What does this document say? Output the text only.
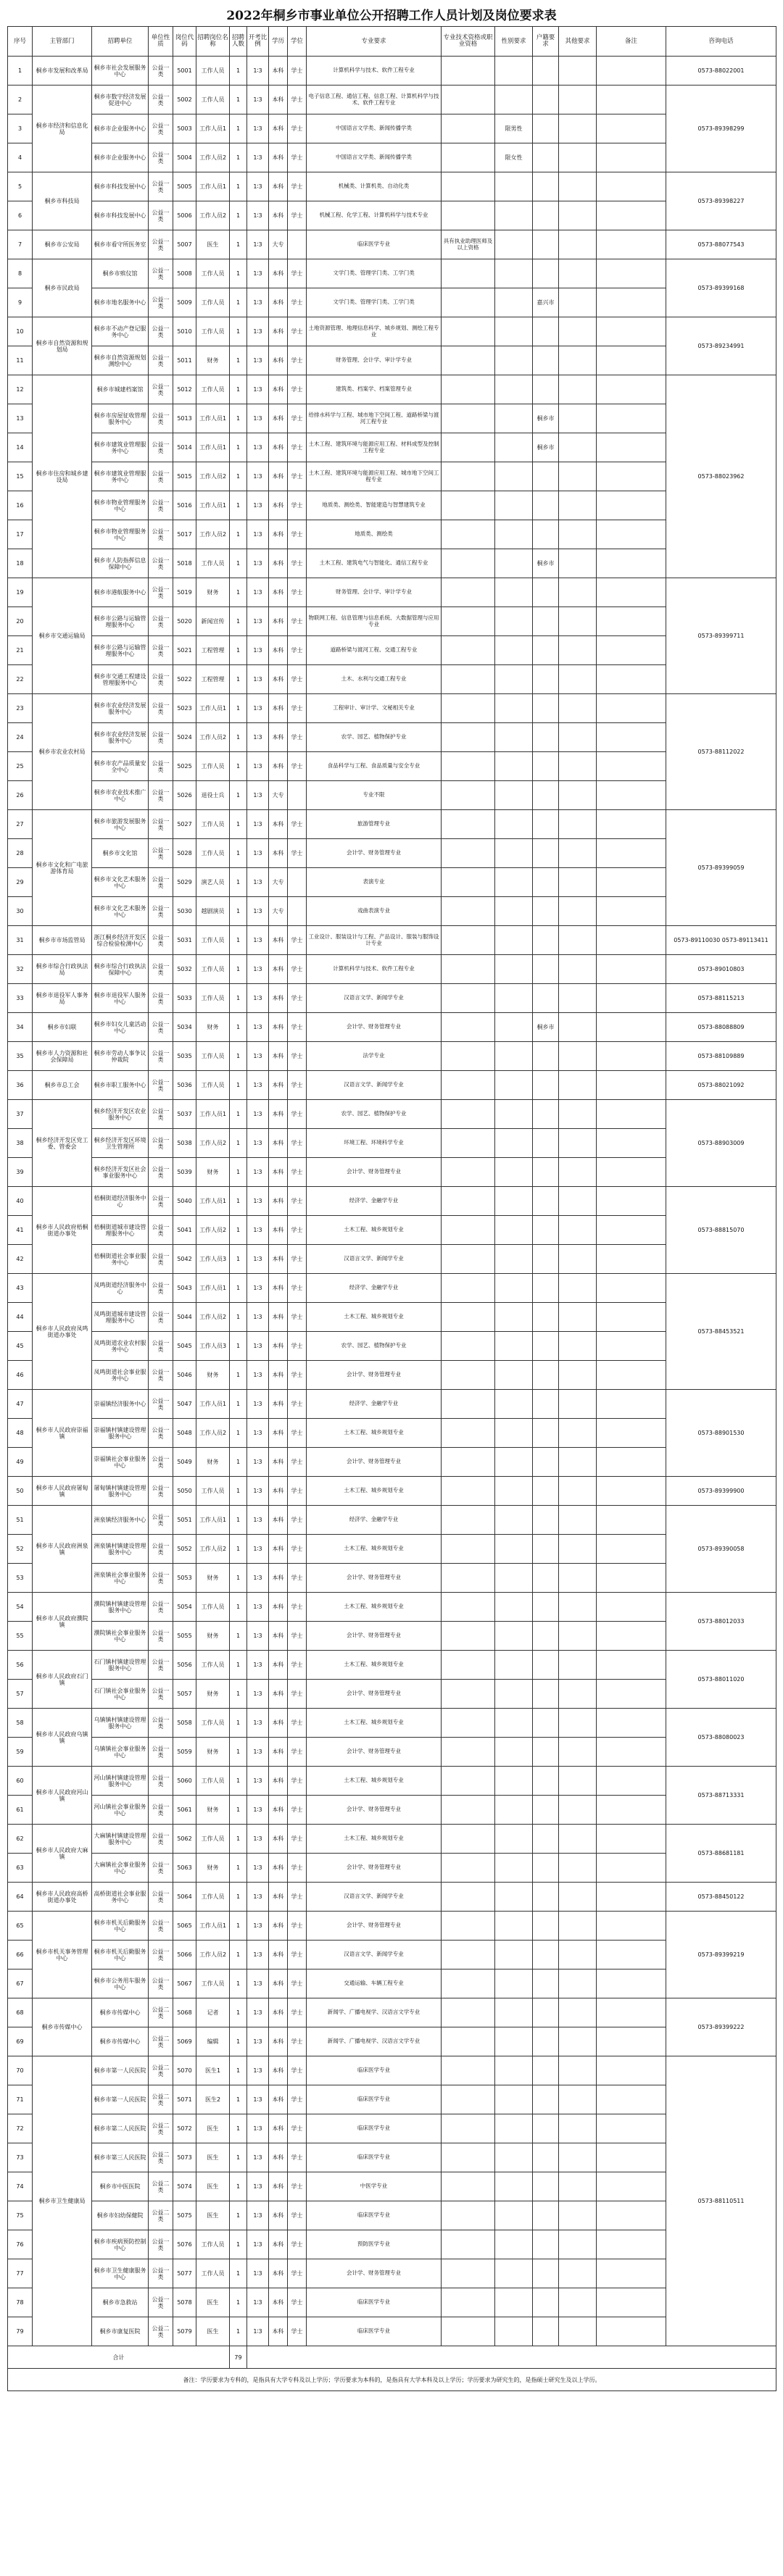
2022年桐乡市事业单位公开招聘工作人员计划及岗位要求表
序号	主管部门	招聘单位	单位性质	岗位代码	招聘岗位名称	招聘人数	开考比例	学历	学位	专业要求	专业技术资格或职业资格	性别要求	户籍要求	其他要求	备注	咨询电话
1	桐乡市发展和改革局	桐乡市社会发展服务中心	公益一类	5001	工作人员	1	1∶3	本科	学士	计算机科学与技术、软件工程专业						0573-88022001
2	桐乡市经济和信息化局	桐乡市数字经济发展促进中心	公益一类	5002	工作人员	1	1∶3	本科	学士	电子信息工程、通信工程、信息工程、计算机科学与技术、软件工程专业						0573-89398299
3		桐乡市企业服务中心	公益一类	5003	工作人员1	1	1∶3	本科	学士	中国语言文学类、新闻传播学类		限男性				
4		桐乡市企业服务中心	公益一类	5004	工作人员2	1	1∶3	本科	学士	中国语言文学类、新闻传播学类		限女性				
5	桐乡市科技局	桐乡市科技发展中心	公益一类	5005	工作人员1	1	1∶3	本科	学士	机械类、计算机类、自动化类						0573-89398227
6		桐乡市科技发展中心	公益一类	5006	工作人员2	1	1∶3	本科	学士	机械工程、化学工程、计算机科学与技术专业						
7	桐乡市公安局	桐乡市看守所医务室	公益一类	5007	医生	1	1∶3	大专		临床医学专业	具有执业助理医师及以上资格					0573-88077543
8	桐乡市民政局	桐乡市殡仪馆	公益一类	5008	工作人员	1	1∶3	本科	学士	文学门类、管理学门类、工学门类						0573-89399168
9		桐乡市地名服务中心	公益一类	5009	工作人员	1	1∶3	本科	学士	文学门类、管理学门类、工学门类			嘉兴市			
10	桐乡市自然资源和规划局	桐乡市不动产登记服务中心	公益一类	5010	工作人员	1	1∶3	本科	学士	土地资源管理、地理信息科学、城乡规划、测绘工程专业						0573-89234991
11		桐乡市自然资源规划测绘中心	公益一类	5011	财务	1	1∶3	本科	学士	财务管理、会计学、审计学专业						
12	桐乡市住房和城乡建设局	桐乡市城建档案馆	公益一类	5012	工作人员	1	1∶3	本科	学士	建筑类、档案学、档案管理专业						0573-88023962
13		桐乡市房屋征收管理服务中心	公益一类	5013	工作人员1	1	1∶3	本科	学士	给排水科学与工程、城市地下空间工程、道路桥梁与渡河工程专业			桐乡市			
14		桐乡市建筑业管理服务中心	公益一类	5014	工作人员1	1	1∶3	本科	学士	土木工程、建筑环境与能源应用工程、材料成型及控制工程专业			桐乡市			
15		桐乡市建筑业管理服务中心	公益一类	5015	工作人员2	1	1∶3	本科	学士	土木工程、建筑环境与能源应用工程、城市地下空间工程专业						
16		桐乡市物业管理服务中心	公益一类	5016	工作人员1	1	1∶3	本科	学士	地质类、测绘类、智能建造与智慧建筑专业						
17		桐乡市物业管理服务中心	公益一类	5017	工作人员2	1	1∶3	本科	学士	地质类、测绘类						
18		桐乡市人防指挥信息保障中心	公益一类	5018	工作人员	1	1∶3	本科	学士	土木工程、建筑电气与智能化、通信工程专业			桐乡市			
19	桐乡市交通运输局	桐乡市港航服务中心	公益一类	5019	财务	1	1∶3	本科	学士	财务管理、会计学、审计学专业						0573-89399711
20		桐乡市公路与运输管理服务中心	公益一类	5020	新闻宣传	1	1∶3	本科	学士	物联网工程、信息管理与信息系统、大数据管理与应用专业						
21		桐乡市公路与运输管理服务中心	公益一类	5021	工程管理	1	1∶3	本科	学士	道路桥梁与渡河工程、交通工程专业						
22		桐乡市交通工程建设管理服务中心	公益一类	5022	工程管理	1	1∶3	本科	学士	土木、水利与交通工程专业						
23	桐乡市农业农村局	桐乡市农业经济发展服务中心	公益一类	5023	工作人员1	1	1∶3	本科	学士	工程审计、审计学、文秘相关专业						0573-88112022
24		桐乡市农业经济发展服务中心	公益一类	5024	工作人员2	1	1∶3	本科	学士	农学、园艺、植物保护专业						
25		桐乡市农产品质量安全中心	公益一类	5025	工作人员	1	1∶3	本科	学士	食品科学与工程、食品质量与安全专业						
26		桐乡市农业技术推广中心	公益一类	5026	退役士兵	1	1∶3	大专		专业不限						
27	桐乡市文化和广电旅游体育局	桐乡市旅游发展服务中心	公益一类	5027	工作人员	1	1∶3	本科	学士	旅游管理专业						0573-89399059
28		桐乡市文化馆	公益一类	5028	工作人员	1	1∶3	本科	学士	会计学、财务管理专业						
29		桐乡市文化艺术服务中心	公益一类	5029	演艺人员	1	1∶3	大专		表演专业						
30		桐乡市文化艺术服务中心	公益一类	5030	越剧演员	1	1∶3	大专		戏曲表演专业						
31	桐乡市市场监管局	浙江桐乡经济开发区综合检验检测中心	公益一类	5031	工作人员	1	1∶3	本科	学士	工业设计、服装设计与工程、产品设计、服装与服饰设计专业						0573-89110030 0573-89113411
32	桐乡市综合行政执法局	桐乡市综合行政执法保障中心	公益一类	5032	工作人员	1	1∶3	本科	学士	计算机科学与技术、软件工程专业						0573-89010803
33	桐乡市退役军人事务局	桐乡市退役军人服务中心	公益一类	5033	工作人员	1	1∶3	本科	学士	汉语言文学、新闻学专业						0573-88115213
34	桐乡市妇联	桐乡市妇女儿童活动中心	公益一类	5034	财务	1	1∶3	本科	学士	会计学、财务管理专业			桐乡市			0573-88088809
35	桐乡市人力资源和社会保障局	桐乡市劳动人事争议仲裁院	公益一类	5035	工作人员	1	1∶3	本科	学士	法学专业						0573-88109889
36	桐乡市总工会	桐乡市职工服务中心	公益一类	5036	工作人员	1	1∶3	本科	学士	汉语言文学、新闻学专业						0573-88021092
37	桐乡经济开发区党工委、管委会	桐乡经济开发区农业服务中心	公益一类	5037	工作人员1	1	1∶3	本科	学士	农学、园艺、植物保护专业						0573-88903009
38		桐乡经济开发区环境卫生管理所	公益一类	5038	工作人员2	1	1∶3	本科	学士	环境工程、环境科学专业						
39		桐乡经济开发区社会事业服务中心	公益一类	5039	财务	1	1∶3	本科	学士	会计学、财务管理专业						
40	桐乡市人民政府梧桐街道办事处	梧桐街道经济服务中心	公益一类	5040	工作人员1	1	1∶3	本科	学士	经济学、金融学专业						0573-88815070
41		梧桐街道城市建设管理服务中心	公益一类	5041	工作人员2	1	1∶3	本科	学士	土木工程、城乡规划专业						
42		梧桐街道社会事业服务中心	公益一类	5042	工作人员3	1	1∶3	本科	学士	汉语言文学、新闻学专业						
43	桐乡市人民政府凤鸣街道办事处	凤鸣街道经济服务中心	公益一类	5043	工作人员1	1	1∶3	本科	学士	经济学、金融学专业						0573-88453521
44		凤鸣街道城市建设管理服务中心	公益一类	5044	工作人员2	1	1∶3	本科	学士	土木工程、城乡规划专业						
45		凤鸣街道农业农村服务中心	公益一类	5045	工作人员3	1	1∶3	本科	学士	农学、园艺、植物保护专业						
46		凤鸣街道社会事业服务中心	公益一类	5046	财务	1	1∶3	本科	学士	会计学、财务管理专业						
47	桐乡市人民政府崇福镇	崇福镇经济服务中心	公益一类	5047	工作人员1	1	1∶3	本科	学士	经济学、金融学专业						0573-88901530
48		崇福镇村镇建设管理服务中心	公益一类	5048	工作人员2	1	1∶3	本科	学士	土木工程、城乡规划专业						
49		崇福镇社会事业服务中心	公益一类	5049	财务	1	1∶3	本科	学士	会计学、财务管理专业						
50	桐乡市人民政府屠甸镇	屠甸镇村镇建设管理服务中心	公益一类	5050	工作人员	1	1∶3	本科	学士	土木工程、城乡规划专业						0573-89399900
51	桐乡市人民政府洲泉镇	洲泉镇经济服务中心	公益一类	5051	工作人员1	1	1∶3	本科	学士	经济学、金融学专业						0573-89390058
52		洲泉镇村镇建设管理服务中心	公益一类	5052	工作人员2	1	1∶3	本科	学士	土木工程、城乡规划专业						
53		洲泉镇社会事业服务中心	公益一类	5053	财务	1	1∶3	本科	学士	会计学、财务管理专业						
54	桐乡市人民政府濮院镇	濮院镇村镇建设管理服务中心	公益一类	5054	工作人员	1	1∶3	本科	学士	土木工程、城乡规划专业						0573-88012033
55		濮院镇社会事业服务中心	公益一类	5055	财务	1	1∶3	本科	学士	会计学、财务管理专业						
56	桐乡市人民政府石门镇	石门镇村镇建设管理服务中心	公益一类	5056	工作人员	1	1∶3	本科	学士	土木工程、城乡规划专业						0573-88011020
57		石门镇社会事业服务中心	公益一类	5057	财务	1	1∶3	本科	学士	会计学、财务管理专业						
58	桐乡市人民政府乌镇镇	乌镇镇村镇建设管理服务中心	公益一类	5058	工作人员	1	1∶3	本科	学士	土木工程、城乡规划专业						0573-88080023
59		乌镇镇社会事业服务中心	公益一类	5059	财务	1	1∶3	本科	学士	会计学、财务管理专业						
60	桐乡市人民政府河山镇	河山镇村镇建设管理服务中心	公益一类	5060	工作人员	1	1∶3	本科	学士	土木工程、城乡规划专业						0573-88713331
61		河山镇社会事业服务中心	公益一类	5061	财务	1	1∶3	本科	学士	会计学、财务管理专业						
62	桐乡市人民政府大麻镇	大麻镇村镇建设管理服务中心	公益一类	5062	工作人员	1	1∶3	本科	学士	土木工程、城乡规划专业						0573-88681181
63		大麻镇社会事业服务中心	公益一类	5063	财务	1	1∶3	本科	学士	会计学、财务管理专业						
64	桐乡市人民政府高桥街道办事处	高桥街道社会事业服务中心	公益一类	5064	工作人员	1	1∶3	本科	学士	汉语言文学、新闻学专业						0573-88450122
65	桐乡市机关事务管理中心	桐乡市机关后勤服务中心	公益一类	5065	工作人员1	1	1∶3	本科	学士	会计学、财务管理专业						0573-89399219
66		桐乡市机关后勤服务中心	公益一类	5066	工作人员2	1	1∶3	本科	学士	汉语言文学、新闻学专业						
67		桐乡市公务用车服务中心	公益一类	5067	工作人员	1	1∶3	本科	学士	交通运输、车辆工程专业						
68	桐乡市传媒中心	桐乡市传媒中心	公益二类	5068	记者	1	1∶3	本科	学士	新闻学、广播电视学、汉语言文学专业						0573-89399222
69		桐乡市传媒中心	公益二类	5069	编辑	1	1∶3	本科	学士	新闻学、广播电视学、汉语言文学专业						
70	桐乡市卫生健康局	桐乡市第一人民医院	公益二类	5070	医生1	1	1∶3	本科	学士	临床医学专业						0573-88110511
71		桐乡市第一人民医院	公益二类	5071	医生2	1	1∶3	本科	学士	临床医学专业						
72		桐乡市第二人民医院	公益二类	5072	医生	1	1∶3	本科	学士	临床医学专业						
73		桐乡市第三人民医院	公益二类	5073	医生	1	1∶3	本科	学士	临床医学专业						
74		桐乡市中医医院	公益二类	5074	医生	1	1∶3	本科	学士	中医学专业						
75		桐乡市妇幼保健院	公益二类	5075	医生	1	1∶3	本科	学士	临床医学专业						
76		桐乡市疾病预防控制中心	公益一类	5076	工作人员	1	1∶3	本科	学士	预防医学专业						
77		桐乡市卫生健康服务中心	公益一类	5077	工作人员	1	1∶3	本科	学士	会计学、财务管理专业						
78		桐乡市急救站	公益一类	5078	医生	1	1∶3	本科	学士	临床医学专业						
79		桐乡市康复医院	公益二类	5079	医生	1	1∶3	本科	学士	临床医学专业						
合计						79										
备注：学历要求为专科的，是指具有大学专科及以上学历；学历要求为本科的，是指具有大学本科及以上学历；学历要求为研究生的，是指硕士研究生及以上学历。																
